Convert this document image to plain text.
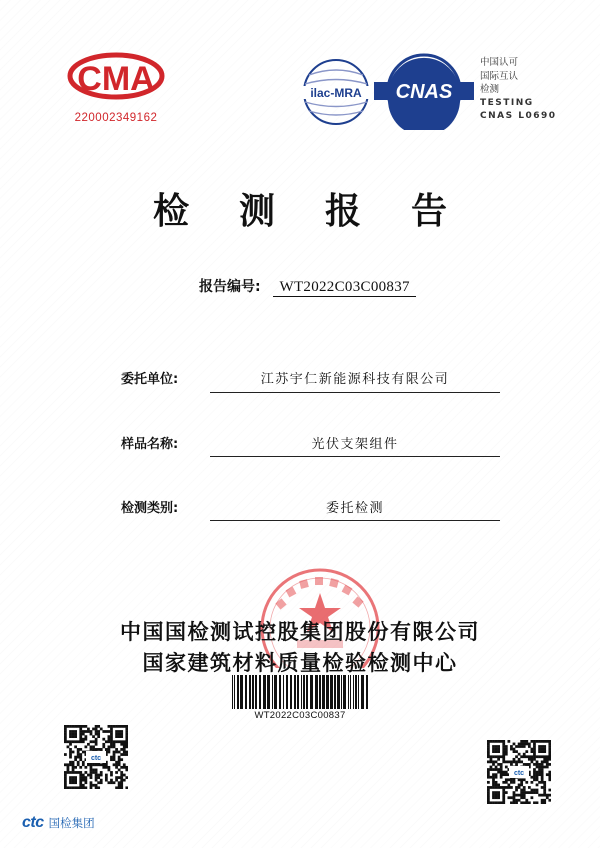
CMA
220002349162
ilac-MRA CNAS
中国认可
国际互认
检测
TESTING
CNAS L0690
检测报告
报告编号: WT2022C03C00837
委托单位:	江苏宇仁新能源科技有限公司
样品名称:	光伏支架组件
检测类别:	委托检测
中国国检测试控股集团股份有限公司
国家建筑材料质量检验检测中心
WT2022C03C00837
ctc
ctc
ctc 国检集团
